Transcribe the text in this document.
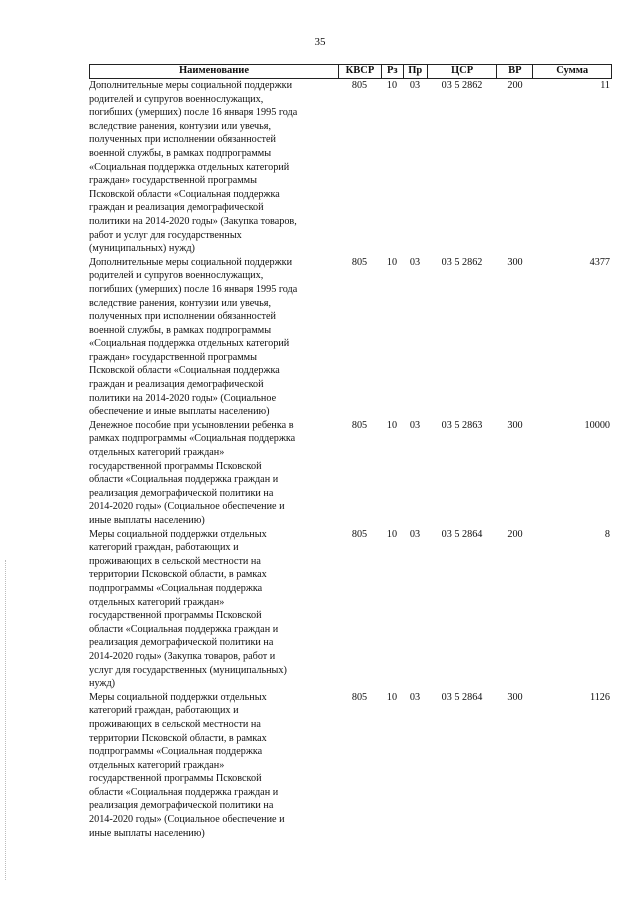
35
Наименование	КВСР	Рз	Пр	ЦСР	ВР	Сумма
Дополнительные меры социальной поддержки
родителей и супругов военнослужащих,
погибших (умерших) после 16 января 1995 года
вследствие ранения, контузии или увечья,
полученных при исполнении обязанностей
военной службы, в рамках подпрограммы
«Социальная поддержка отдельных категорий
граждан» государственной программы
Псковской области «Социальная поддержка
граждан и реализация демографической
политики на 2014-2020 годы» (Закупка товаров,
работ и услуг для государственных
(муниципальных) нужд)
805	10	03	03 5 2862	200	11
Дополнительные меры социальной поддержки
родителей и супругов военнослужащих,
погибших (умерших) после 16 января 1995 года
вследствие ранения, контузии или увечья,
полученных при исполнении обязанностей
военной службы, в рамках подпрограммы
«Социальная поддержка отдельных категорий
граждан» государственной программы
Псковской области «Социальная поддержка
граждан и реализация демографической
политики на 2014-2020 годы» (Социальное
обеспечение и иные выплаты населению)
805	10	03	03 5 2862	300	4377
Денежное пособие при усыновлении ребенка в
рамках подпрограммы «Социальная поддержка
отдельных категорий граждан»
государственной программы Псковской
области «Социальная поддержка граждан и
реализация демографической политики на
2014-2020 годы» (Социальное обеспечение и
иные выплаты населению)
805	10	03	03 5 2863	300	10000
Меры социальной поддержки отдельных
категорий граждан, работающих и
проживающих в сельской местности на
территории Псковской области, в рамках
подпрограммы «Социальная поддержка
отдельных категорий граждан»
государственной программы Псковской
области «Социальная поддержка граждан и
реализация демографической политики на
2014-2020 годы» (Закупка товаров, работ и
услуг для государственных (муниципальных)
нужд)
805	10	03	03 5 2864	200	8
Меры социальной поддержки отдельных
категорий граждан, работающих и
проживающих в сельской местности на
территории Псковской области, в рамках
подпрограммы «Социальная поддержка
отдельных категорий граждан»
государственной программы Псковской
области «Социальная поддержка граждан и
реализация демографической политики на
2014-2020 годы» (Социальное обеспечение и
иные выплаты населению)
805	10	03	03 5 2864	300	1126
